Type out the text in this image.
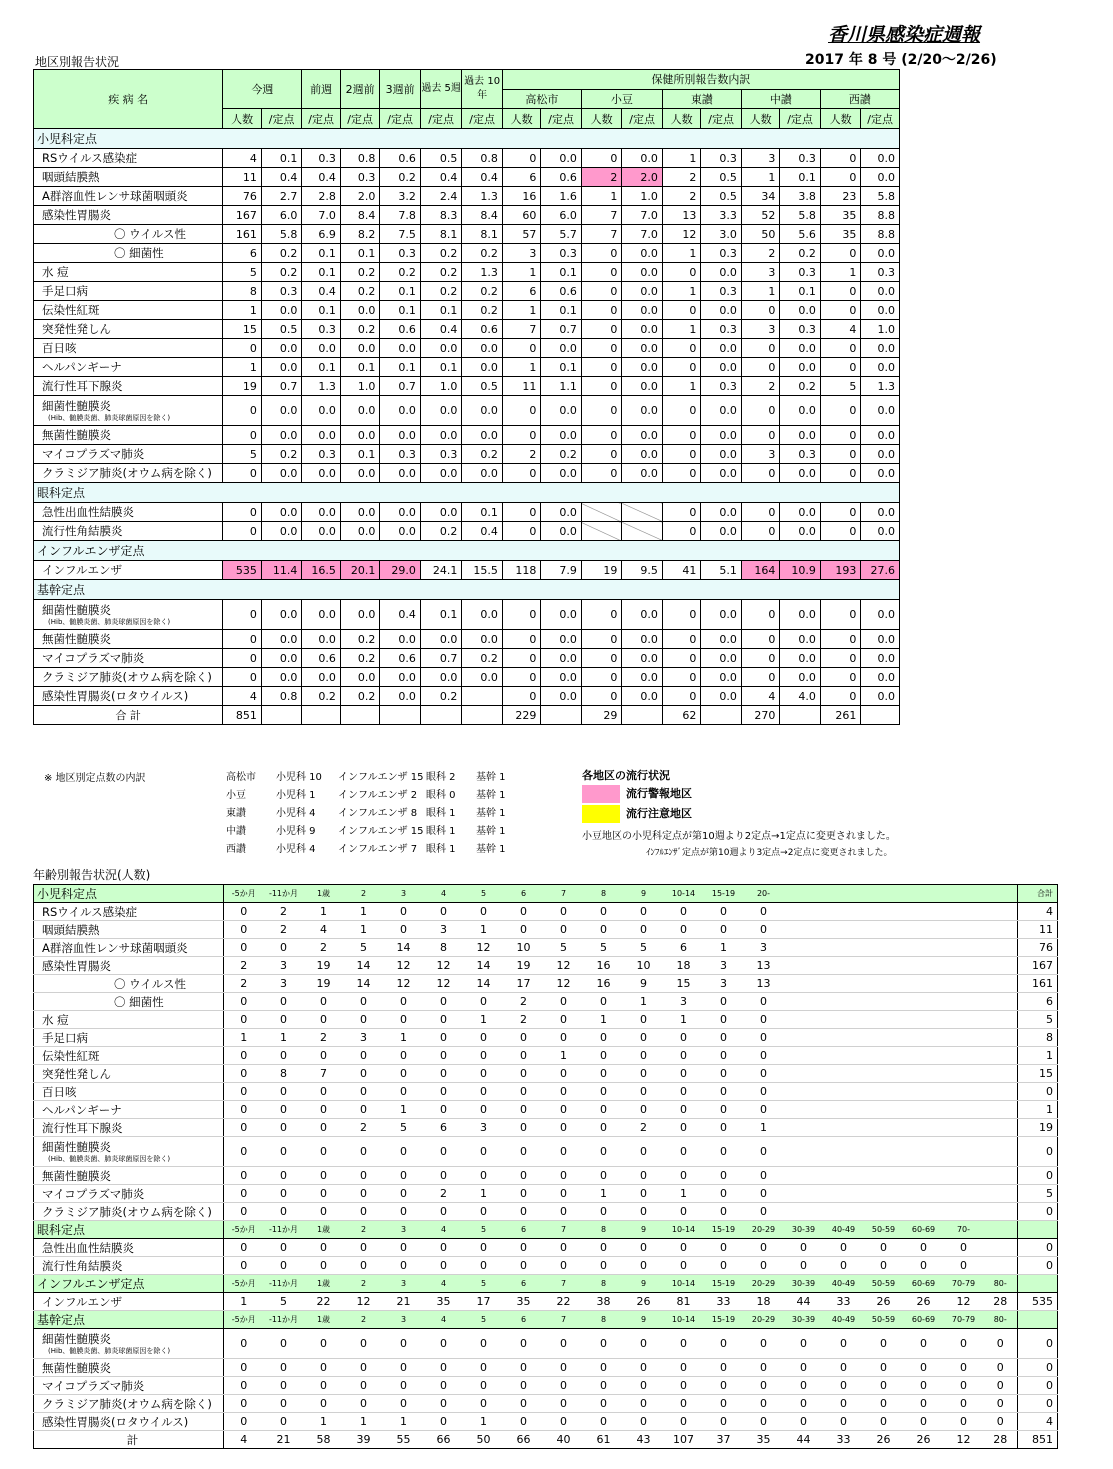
香川県感染症週報
2017 年 8 号 (2/20～2/26)
地区別報告状況
疾 病 名	今週		前週	2週前	3週前	過去 5週	過去 10年	保健所別報告数内訳									
								高松市		小豆		東讃		中讃		西讃	
	人数	/定点	/定点	/定点	/定点	/定点	/定点	人数	/定点	人数	/定点	人数	/定点	人数	/定点	人数	/定点
小児科定点																	
RSウイルス感染症	4	0.1	0.3	0.8	0.6	0.5	0.8	0	0.0	0	0.0	1	0.3	3	0.3	0	0.0
咽頭結膜熱	11	0.4	0.4	0.3	0.2	0.4	0.4	6	0.6	2	2.0	2	0.5	1	0.1	0	0.0
A群溶血性レンサ球菌咽頭炎	76	2.7	2.8	2.0	3.2	2.4	1.3	16	1.6	1	1.0	2	0.5	34	3.8	23	5.8
感染性胃腸炎	167	6.0	7.0	8.4	7.8	8.3	8.4	60	6.0	7	7.0	13	3.3	52	5.8	35	8.8
〇 ウイルス性	161	5.8	6.9	8.2	7.5	8.1	8.1	57	5.7	7	7.0	12	3.0	50	5.6	35	8.8
〇 細菌性	6	0.2	0.1	0.1	0.3	0.2	0.2	3	0.3	0	0.0	1	0.3	2	0.2	0	0.0
水 痘	5	0.2	0.1	0.2	0.2	0.2	1.3	1	0.1	0	0.0	0	0.0	3	0.3	1	0.3
手足口病	8	0.3	0.4	0.2	0.1	0.2	0.2	6	0.6	0	0.0	1	0.3	1	0.1	0	0.0
伝染性紅斑	1	0.0	0.1	0.0	0.1	0.1	0.2	1	0.1	0	0.0	0	0.0	0	0.0	0	0.0
突発性発しん	15	0.5	0.3	0.2	0.6	0.4	0.6	7	0.7	0	0.0	1	0.3	3	0.3	4	1.0
百日咳	0	0.0	0.0	0.0	0.0	0.0	0.0	0	0.0	0	0.0	0	0.0	0	0.0	0	0.0
ヘルパンギーナ	1	0.0	0.1	0.1	0.1	0.1	0.0	1	0.1	0	0.0	0	0.0	0	0.0	0	0.0
流行性耳下腺炎	19	0.7	1.3	1.0	0.7	1.0	0.5	11	1.1	0	0.0	1	0.3	2	0.2	5	1.3
細菌性髄膜炎
(Hib、髄膜炎菌、肺炎球菌原因を除く)	0	0.0	0.0	0.0	0.0	0.0	0.0	0	0.0	0	0.0	0	0.0	0	0.0	0	0.0
無菌性髄膜炎	0	0.0	0.0	0.0	0.0	0.0	0.0	0	0.0	0	0.0	0	0.0	0	0.0	0	0.0
マイコプラズマ肺炎	5	0.2	0.3	0.1	0.3	0.3	0.2	2	0.2	0	0.0	0	0.0	3	0.3	0	0.0
クラミジア肺炎(オウム病を除く)	0	0.0	0.0	0.0	0.0	0.0	0.0	0	0.0	0	0.0	0	0.0	0	0.0	0	0.0
眼科定点																	
急性出血性結膜炎	0	0.0	0.0	0.0	0.0	0.0	0.1	0	0.0			0	0.0	0	0.0	0	0.0
流行性角結膜炎	0	0.0	0.0	0.0	0.0	0.2	0.4	0	0.0			0	0.0	0	0.0	0	0.0
インフルエンザ定点																	
インフルエンザ	535	11.4	16.5	20.1	29.0	24.1	15.5	118	7.9	19	9.5	41	5.1	164	10.9	193	27.6
基幹定点																	
細菌性髄膜炎
(Hib、髄膜炎菌、肺炎球菌原因を除く)	0	0.0	0.0	0.0	0.4	0.1	0.0	0	0.0	0	0.0	0	0.0	0	0.0	0	0.0
無菌性髄膜炎	0	0.0	0.0	0.2	0.0	0.0	0.0	0	0.0	0	0.0	0	0.0	0	0.0	0	0.0
マイコプラズマ肺炎	0	0.0	0.6	0.2	0.6	0.7	0.2	0	0.0	0	0.0	0	0.0	0	0.0	0	0.0
クラミジア肺炎(オウム病を除く)	0	0.0	0.0	0.0	0.0	0.0	0.0	0	0.0	0	0.0	0	0.0	0	0.0	0	0.0
感染性胃腸炎(ロタウイルス)	4	0.8	0.2	0.2	0.0	0.2		0	0.0	0	0.0	0	0.0	4	4.0	0	0.0
合 計	851							229		29		62		270		261	
※ 地区別定点数の内訳	高松市 小児科 10 インフルエンザ 15 眼科 2 基幹 1
小豆	小児科 1 インフルエンザ 2 眼科 0 基幹 1
東讃	小児科 4 インフルエンザ 8 眼科 1 基幹 1
中讃	小児科 9 インフルエンザ 15 眼科 1 基幹 1
西讃	小児科 4 インフルエンザ 7 眼科 1 基幹 1
各地区の流行状況
流行警報地区
流行注意地区
小豆地区の小児科定点が第10週より2定点→1定点に変更されました。
ｲﾝﾌﾙｴﾝｻﾞ定点が第10週より3定点→2定点に変更されました。
年齢別報告状況(人数)
小児科定点	-5か月	-11か月	1歳	2	3	4	5	6	7	8	9	10-14	15-19	20-							合計
RSウイルス感染症	0	2	1	1	0	0	0	0	0	0	0	0	0	0							4
咽頭結膜熱	0	2	4	1	0	3	1	0	0	0	0	0	0	0							11
A群溶血性レンサ球菌咽頭炎	0	0	2	5	14	8	12	10	5	5	5	6	1	3							76
感染性胃腸炎	2	3	19	14	12	12	14	19	12	16	10	18	3	13							167
〇 ウイルス性	2	3	19	14	12	12	14	17	12	16	9	15	3	13							161
〇 細菌性	0	0	0	0	0	0	0	2	0	0	1	3	0	0							6
水 痘	0	0	0	0	0	0	1	2	0	1	0	1	0	0							5
手足口病	1	1	2	3	1	0	0	0	0	0	0	0	0	0							8
伝染性紅斑	0	0	0	0	0	0	0	0	1	0	0	0	0	0							1
突発性発しん	0	8	7	0	0	0	0	0	0	0	0	0	0	0							15
百日咳	0	0	0	0	0	0	0	0	0	0	0	0	0	0							0
ヘルパンギーナ	0	0	0	0	1	0	0	0	0	0	0	0	0	0							1
流行性耳下腺炎	0	0	0	2	5	6	3	0	0	0	2	0	0	1							19
細菌性髄膜炎
(Hib、髄膜炎菌、肺炎球菌原因を除く)	0	0	0	0	0	0	0	0	0	0	0	0	0	0							0
無菌性髄膜炎	0	0	0	0	0	0	0	0	0	0	0	0	0	0							0
マイコプラズマ肺炎	0	0	0	0	0	2	1	0	0	1	0	1	0	0							5
クラミジア肺炎(オウム病を除く)	0	0	0	0	0	0	0	0	0	0	0	0	0	0							0
眼科定点	-5か月	-11か月	1歳	2	3	4	5	6	7	8	9	10-14	15-19	20-29	30-39	40-49	50-59	60-69	70-		
急性出血性結膜炎	0	0	0	0	0	0	0	0	0	0	0	0	0	0	0	0	0	0	0		0
流行性角結膜炎	0	0	0	0	0	0	0	0	0	0	0	0	0	0	0	0	0	0	0		0
インフルエンザ定点	-5か月	-11か月	1歳	2	3	4	5	6	7	8	9	10-14	15-19	20-29	30-39	40-49	50-59	60-69	70-79	80-	
インフルエンザ	1	5	22	12	21	35	17	35	22	38	26	81	33	18	44	33	26	26	12	28	535
基幹定点	-5か月	-11か月	1歳	2	3	4	5	6	7	8	9	10-14	15-19	20-29	30-39	40-49	50-59	60-69	70-79	80-	
細菌性髄膜炎
(Hib、髄膜炎菌、肺炎球菌原因を除く)	0	0	0	0	0	0	0	0	0	0	0	0	0	0	0	0	0	0	0	0	0
無菌性髄膜炎	0	0	0	0	0	0	0	0	0	0	0	0	0	0	0	0	0	0	0	0	0
マイコプラズマ肺炎	0	0	0	0	0	0	0	0	0	0	0	0	0	0	0	0	0	0	0	0	0
クラミジア肺炎(オウム病を除く)	0	0	0	0	0	0	0	0	0	0	0	0	0	0	0	0	0	0	0	0	0
感染性胃腸炎(ロタウイルス)	0	0	1	1	1	0	1	0	0	0	0	0	0	0	0	0	0	0	0	0	4
計	4	21	58	39	55	66	50	66	40	61	43	107	37	35	44	33	26	26	12	28	851
